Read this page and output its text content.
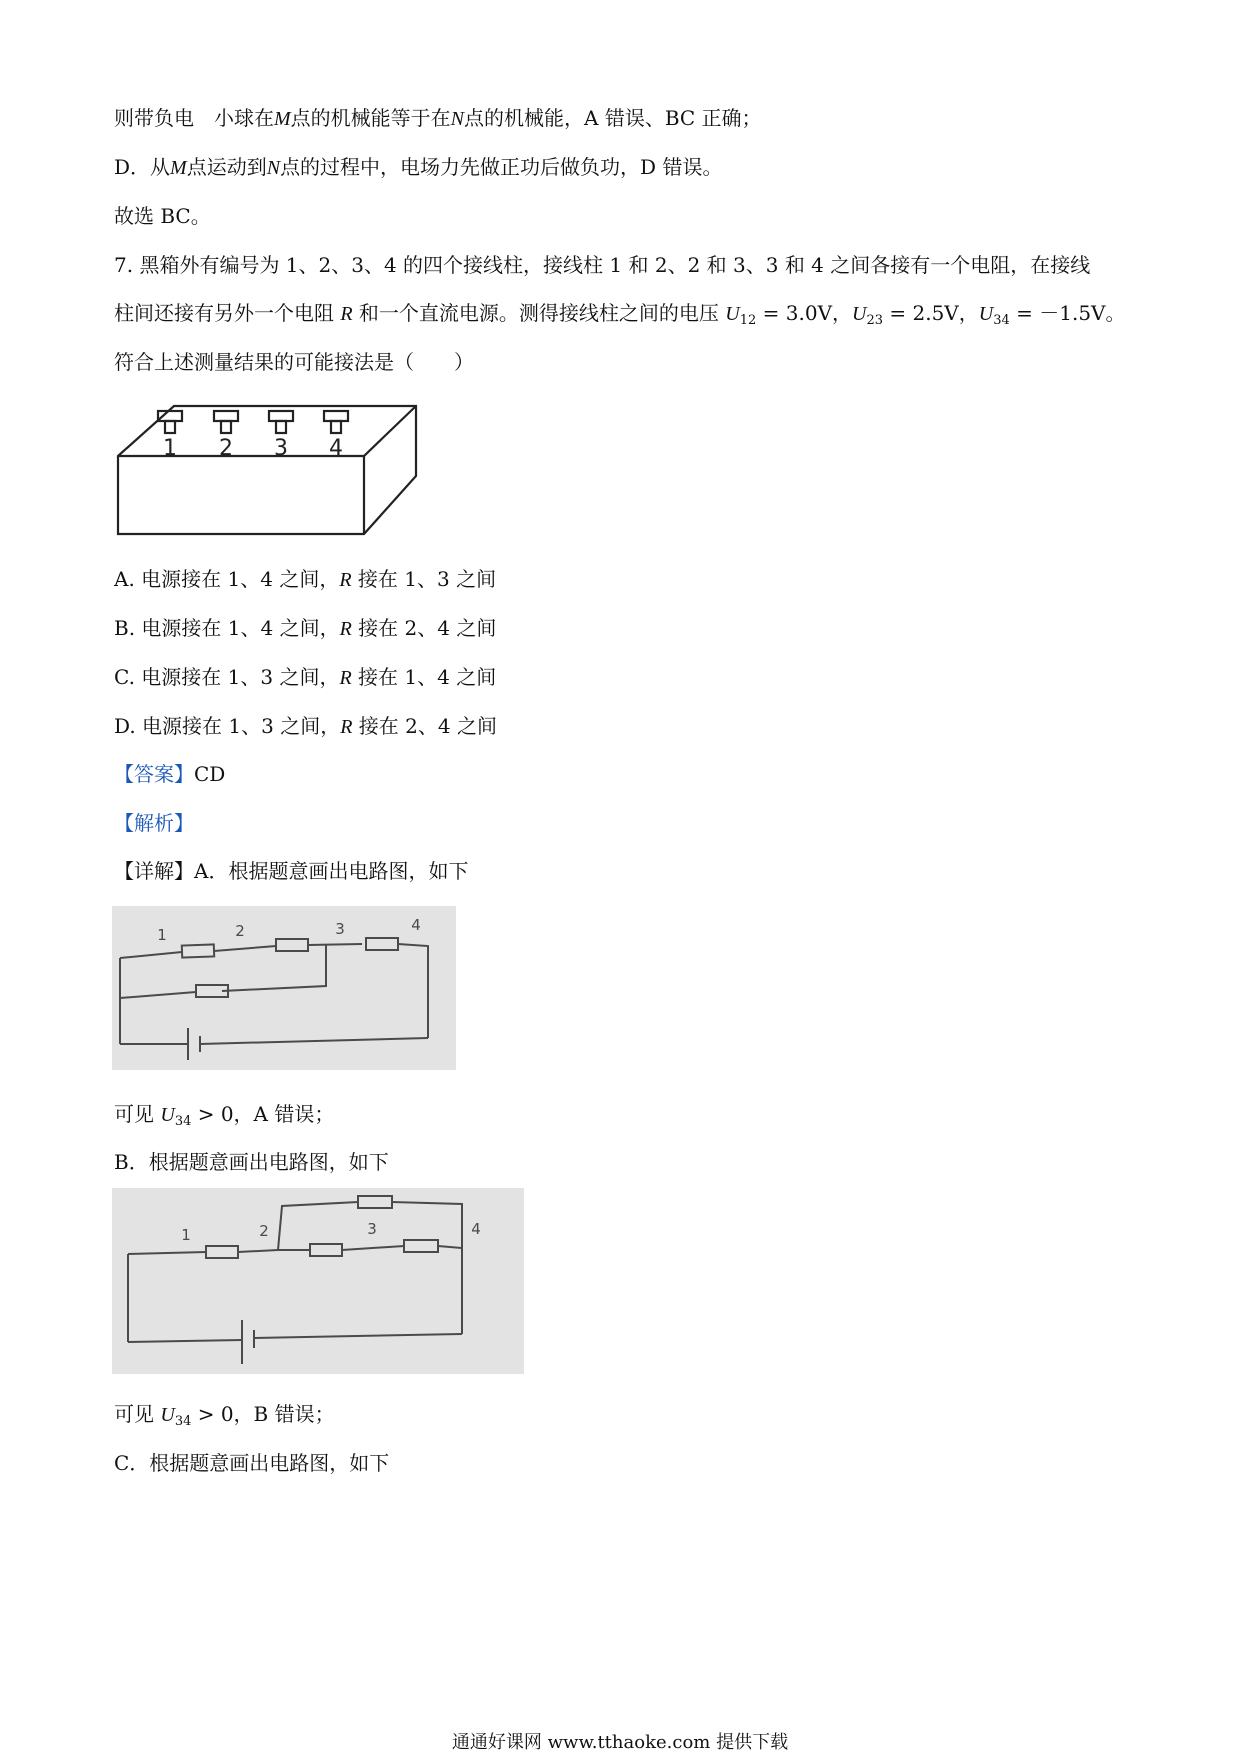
则带负电　小球在M点的机械能等于在N点的机械能，A 错误、BC 正确；
D．从M点运动到N点的过程中，电场力先做正功后做负功，D 错误。
故选 BC。
7. 黑箱外有编号为 1、2、3、4 的四个接线柱，接线柱 1 和 2、2 和 3、3 和 4 之间各接有一个电阻，在接线
柱间还接有另外一个电阻 R 和一个直流电源。测得接线柱之间的电压 $U_{12} = 3.0V$，$U_{23} = 2.5V$，$U_{34} = -1.5V$。
符合上述测量结果的可能接法是（　　）
1 2 3 4
A. 电源接在 1、4 之间，R 接在 1、3 之间
B. 电源接在 1、4 之间，R 接在 2、4 之间
C. 电源接在 1、3 之间，R 接在 1、4 之间
D. 电源接在 1、3 之间，R 接在 2、4 之间
【答案】CD
【解析】
【详解】A．根据题意画出电路图，如下
1	2	3	4
可见 $U_{34} > 0$，A 错误；
B．根据题意画出电路图，如下
1	2	3	4
可见 $U_{34} > 0$，B 错误；
C．根据题意画出电路图，如下
通通好课网 www.tthaoke.com 提供下载
